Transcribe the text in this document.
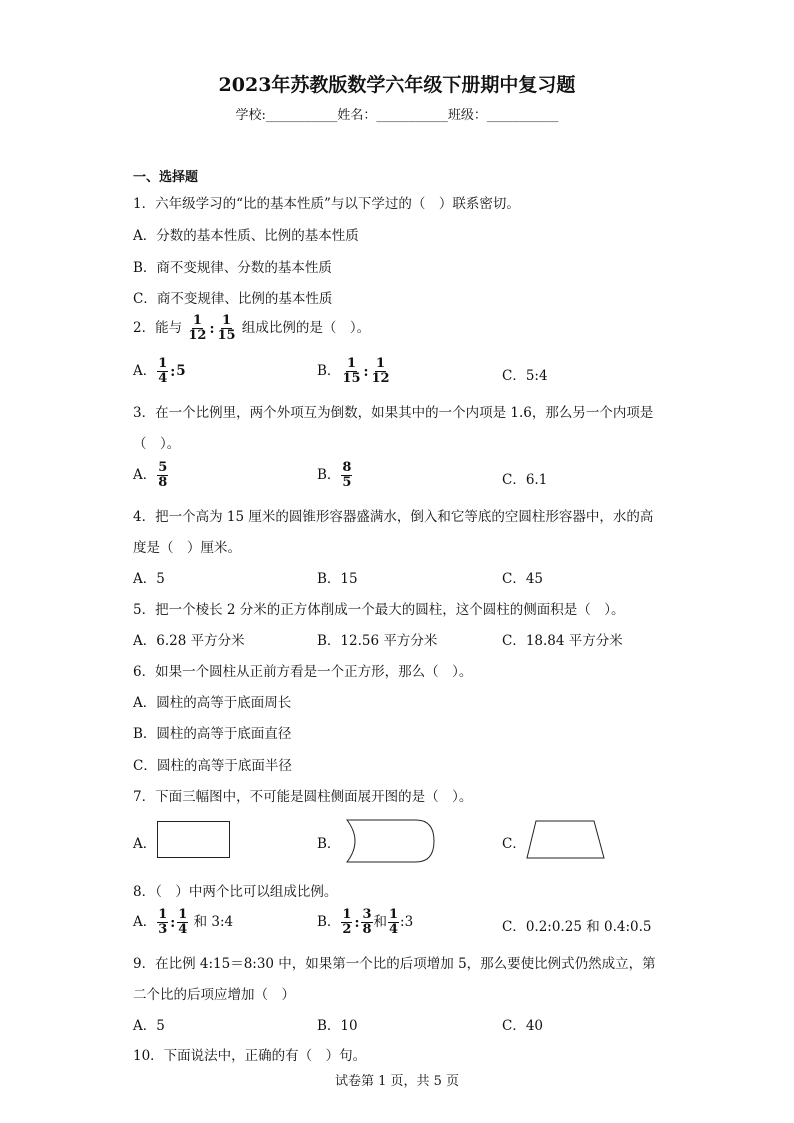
2023年苏教版数学六年级下册期中复习题
学校:___________姓名：___________班级：___________
一、选择题
1．六年级学习的“比的基本性质”与以下学过的（　）联系密切。
A．分数的基本性质、比例的基本性质
B．商不变规律、分数的基本性质
C．商不变规律、比例的基本性质
2．能与 $\frac{1}{12}$ : $\frac{1}{15}$ 组成比例的是（　）。
A． $\frac{1}{4}$ :5	B． $\frac{1}{15}$ : $\frac{1}{12}$	C．5:4
3．在一个比例里，两个外项互为倒数，如果其中的一个内项是 1.6，那么另一个内项是
（　）。
A． $\frac{5}{8}$	B． $\frac{8}{5}$	C．6.1
4．把一个高为 15 厘米的圆锥形容器盛满水，倒入和它等底的空圆柱形容器中，水的高
度是（　）厘米。
A．5	B．15	C．45
5．把一个棱长 2 分米的正方体削成一个最大的圆柱，这个圆柱的侧面积是（　）。
A．6.28 平方分米	B．12.56 平方分米	C．18.84 平方分米
6．如果一个圆柱从正前方看是一个正方形，那么（　）。
A．圆柱的高等于底面周长
B．圆柱的高等于底面直径
C．圆柱的高等于底面半径
7．下面三幅图中，不可能是圆柱侧面展开图的是（　）。
A．	B．	C．
8．（　）中两个比可以组成比例。
A． $\frac{1}{3}$ : $\frac{1}{4}$ 和 3:4	B． $\frac{1}{2}$ : $\frac{3}{8}$ 和 $\frac{1}{4}$ :3	C．0.2:0.25 和 0.4:0.5
9．在比例 4:15＝8:30 中，如果第一个比的后项增加 5，那么要使比例式仍然成立，第
二个比的后项应增加（　）
A．5	B．10	C．40
10．下面说法中，正确的有（　）句。
试卷第 1 页，共 5 页
